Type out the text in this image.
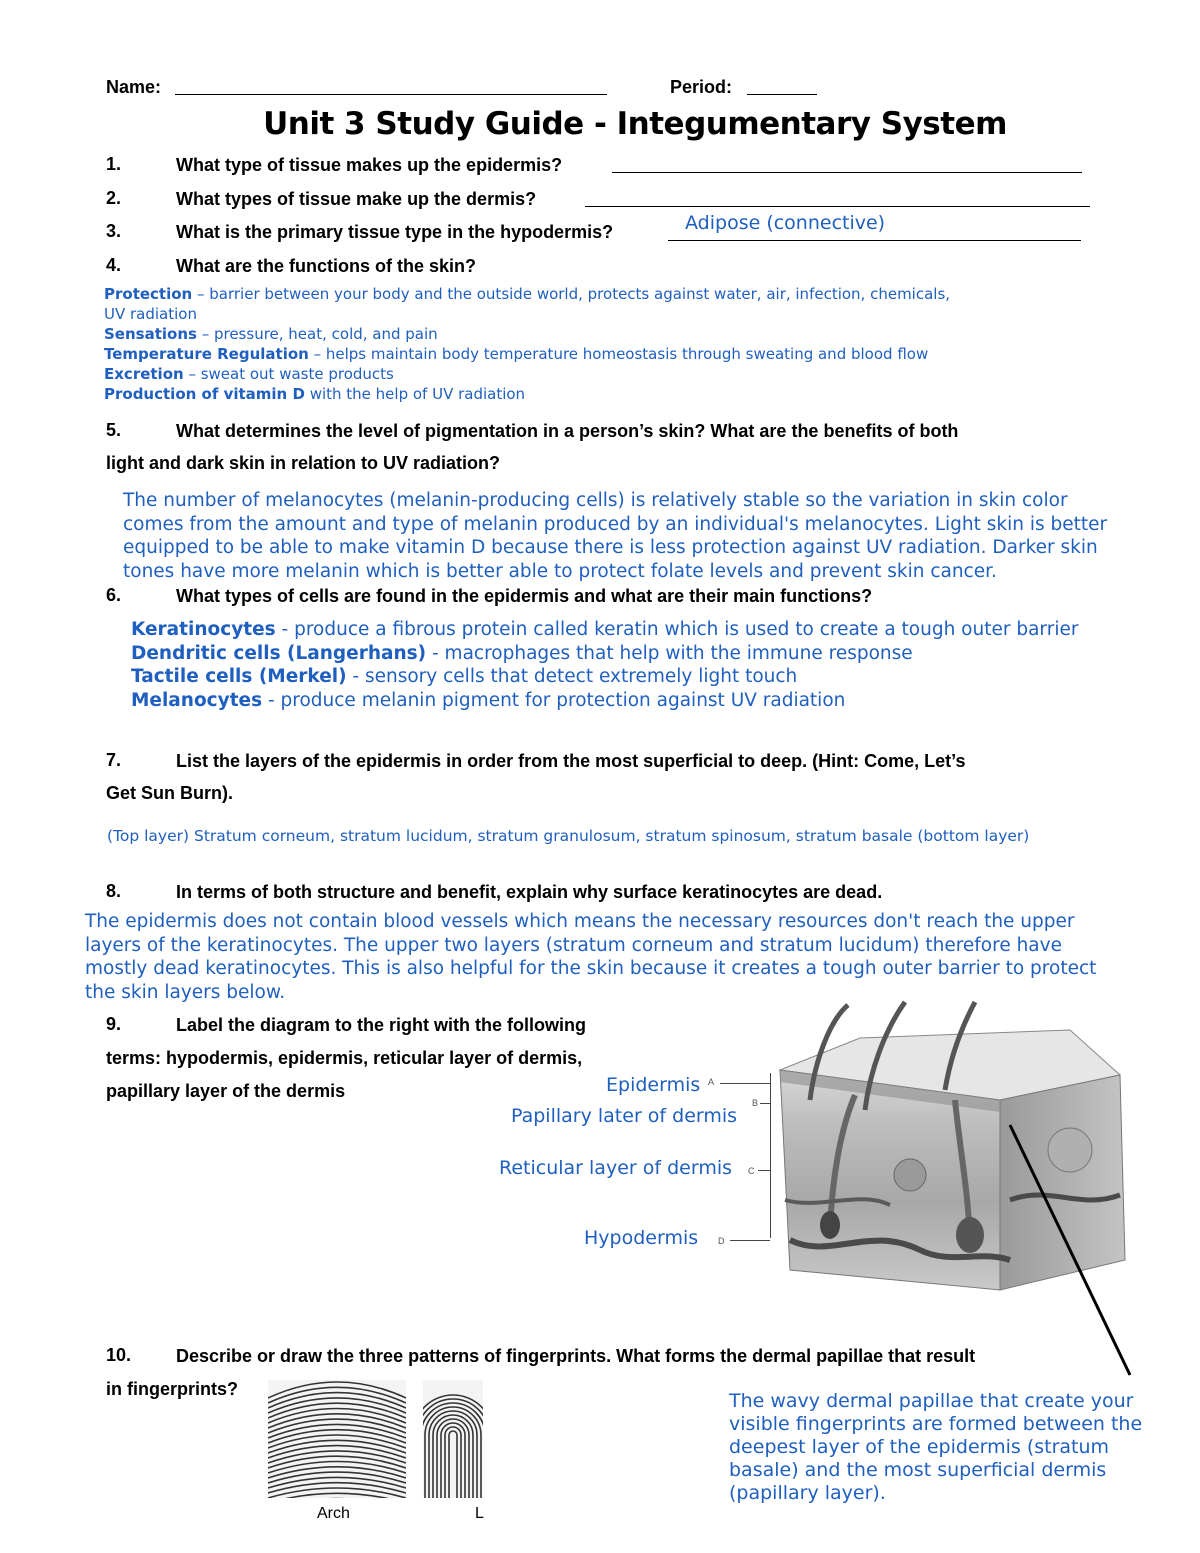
Name:	Period:
Unit 3 Study Guide - Integumentary System
1.	What type of tissue makes up the epidermis?
2.	What types of tissue make up the dermis?
3.	What is the primary tissue type in the hypodermis?	Adipose (connective)
4.	What are the functions of the skin?
Protection – barrier between your body and the outside world, protects against water, air, infection, chemicals,
UV radiation
Sensations – pressure, heat, cold, and pain
Temperature Regulation – helps maintain body temperature homeostasis through sweating and blood flow
Excretion – sweat out waste products
Production of vitamin D with the help of UV radiation
5.	What determines the level of pigmentation in a person’s skin? What are the benefits of both
light and dark skin in relation to UV radiation?
The number of melanocytes (melanin-producing cells) is relatively stable so the variation in skin color
comes from the amount and type of melanin produced by an individual's melanocytes. Light skin is better
equipped to be able to make vitamin D because there is less protection against UV radiation. Darker skin
tones have more melanin which is better able to protect folate levels and prevent skin cancer.
6.	What types of cells are found in the epidermis and what are their main functions?
Keratinocytes - produce a fibrous protein called keratin which is used to create a tough outer barrier
Dendritic cells (Langerhans) - macrophages that help with the immune response
Tactile cells (Merkel) - sensory cells that detect extremely light touch
Melanocytes - produce melanin pigment for protection against UV radiation
7.	List the layers of the epidermis in order from the most superficial to deep. (Hint: Come, Let’s
Get Sun Burn).
(Top layer) Stratum corneum, stratum lucidum, stratum granulosum, stratum spinosum, stratum basale (bottom layer)
8.	In terms of both structure and benefit, explain why surface keratinocytes are dead.
The epidermis does not contain blood vessels which means the necessary resources don't reach the upper
layers of the keratinocytes. The upper two layers (stratum corneum and stratum lucidum) therefore have
mostly dead keratinocytes. This is also helpful for the skin because it creates a tough outer barrier to protect
the skin layers below.
9.	Label the diagram to the right with the following
terms: hypodermis, epidermis, reticular layer of dermis,
papillary layer of the dermis	Epidermis
Papillary later of dermis
Reticular layer of dermis
Hypodermis
A
B
C
D
10. Describe or draw the three patterns of fingerprints. What forms the dermal papillae that result
in fingerprints?
Arch	L
The wavy dermal papillae that create your
visible fingerprints are formed between the
deepest layer of the epidermis (stratum
basale) and the most superficial dermis
(papillary layer).
